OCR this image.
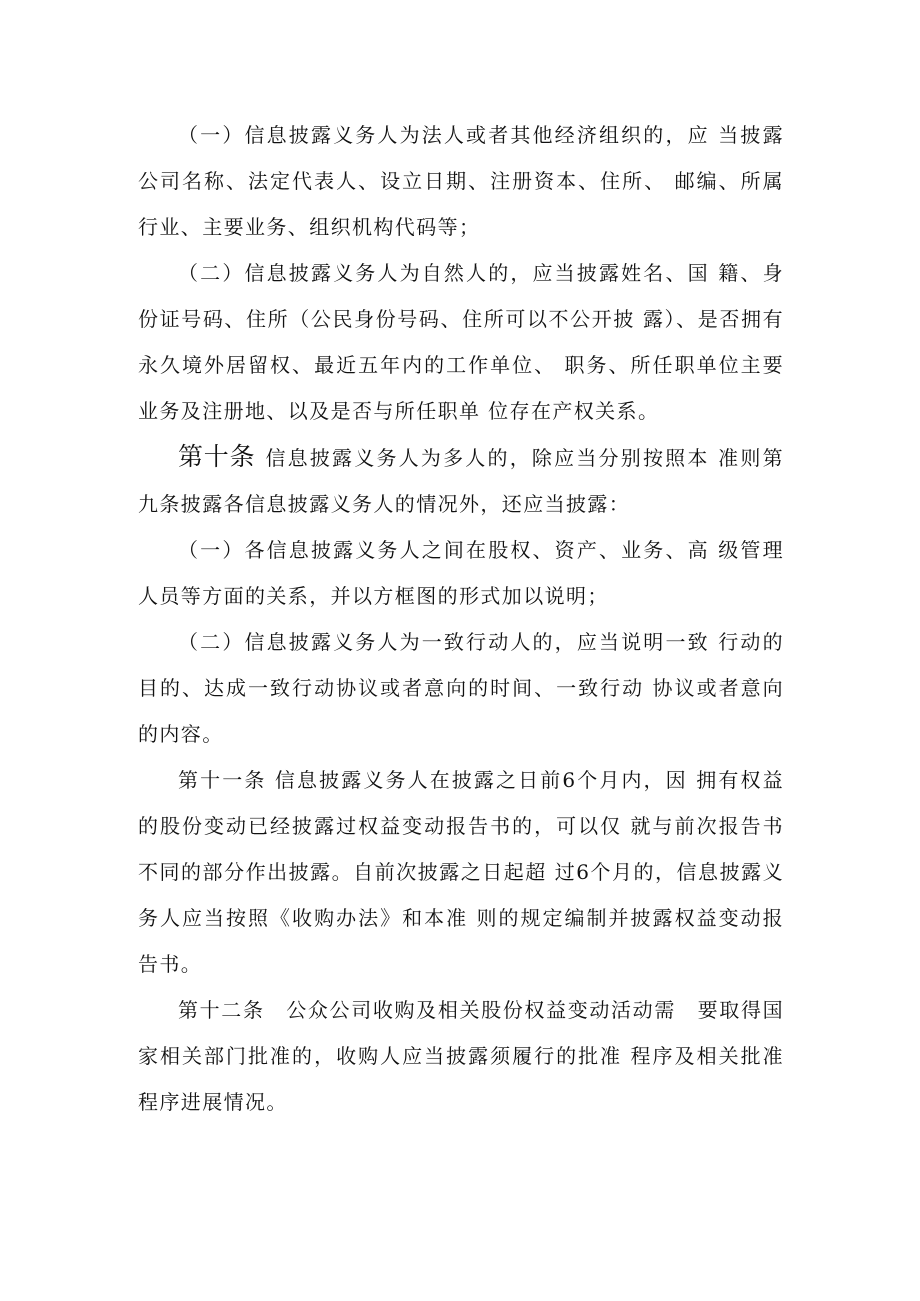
（一）信息披露义务人为法人或者其他经济组织的，应 当披露公司名称、法定代表人、设立日期、注册资本、住所、 邮编、所属行业、主要业务、组织机构代码等；

（二）信息披露义务人为自然人的，应当披露姓名、国 籍、身份证号码、住所（公民身份号码、住所可以不公开披 露）、是否拥有永久境外居留权、最近五年内的工作单位、 职务、所任职单位主要业务及注册地、以及是否与所任职单 位存在产权关系。

第十条 信息披露义务人为多人的，除应当分别按照本 准则第九条披露各信息披露义务人的情况外，还应当披露：

（一）各信息披露义务人之间在股权、资产、业务、高 级管理人员等方面的关系，并以方框图的形式加以说明；

（二）信息披露义务人为一致行动人的，应当说明一致 行动的目的、达成一致行动协议或者意向的时间、一致行动 协议或者意向的内容。

第十一条 信息披露义务人在披露之日前6个月内，因 拥有权益的股份变动已经披露过权益变动报告书的，可以仅 就与前次报告书不同的部分作出披露。自前次披露之日起超 过6个月的，信息披露义务人应当按照《收购办法》和本准 则的规定编制并披露权益变动报告书。

第十二条　公众公司收购及相关股份权益变动活动需　要取得国家相关部门批准的，收购人应当披露须履行的批准 程序及相关批准程序进展情况。
